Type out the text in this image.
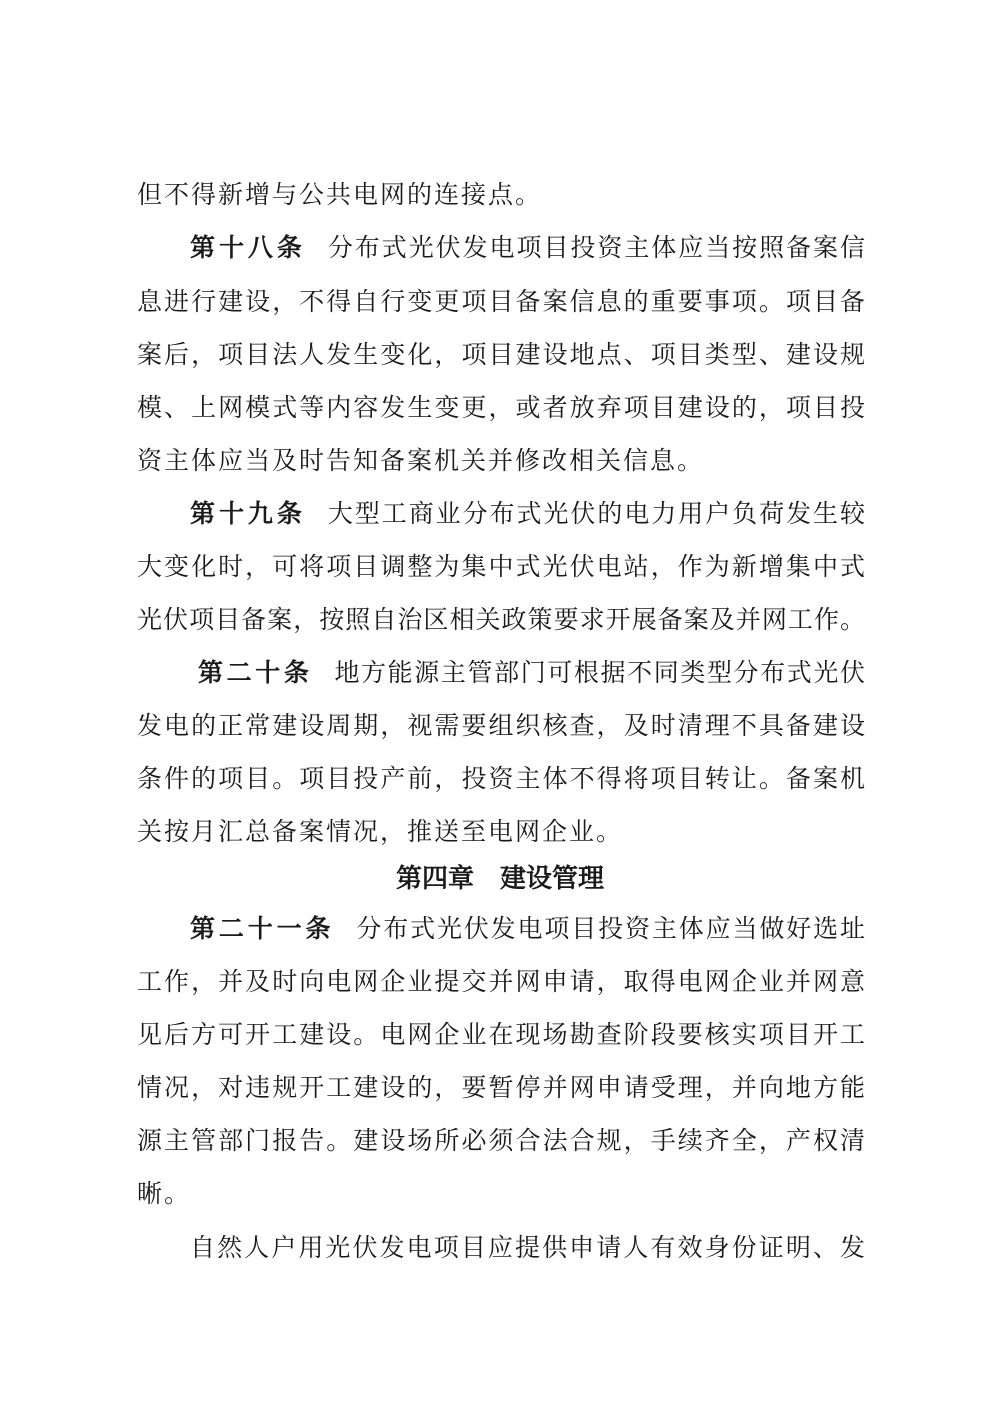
但不得新增与公共电网的连接点。
第十八条 分布式光伏发电项目投资主体应当按照备案信
息进行建设，不得自行变更项目备案信息的重要事项。项目备
案后，项目法人发生变化，项目建设地点、项目类型、建设规
模、上网模式等内容发生变更，或者放弃项目建设的，项目投
资主体应当及时告知备案机关并修改相关信息。
第十九条 大型工商业分布式光伏的电力用户负荷发生较
大变化时，可将项目调整为集中式光伏电站，作为新增集中式
光伏项目备案，按照自治区相关政策要求开展备案及并网工作。
第二十条 地方能源主管部门可根据不同类型分布式光伏
发电的正常建设周期，视需要组织核查，及时清理不具备建设
条件的项目。项目投产前，投资主体不得将项目转让。备案机
关按月汇总备案情况，推送至电网企业。
第四章 建设管理
第二十一条 分布式光伏发电项目投资主体应当做好选址
工作，并及时向电网企业提交并网申请，取得电网企业并网意
见后方可开工建设。电网企业在现场勘查阶段要核实项目开工
情况，对违规开工建设的，要暂停并网申请受理，并向地方能
源主管部门报告。建设场所必须合法合规，手续齐全，产权清
晰。
自然人户用光伏发电项目应提供申请人有效身份证明、发
